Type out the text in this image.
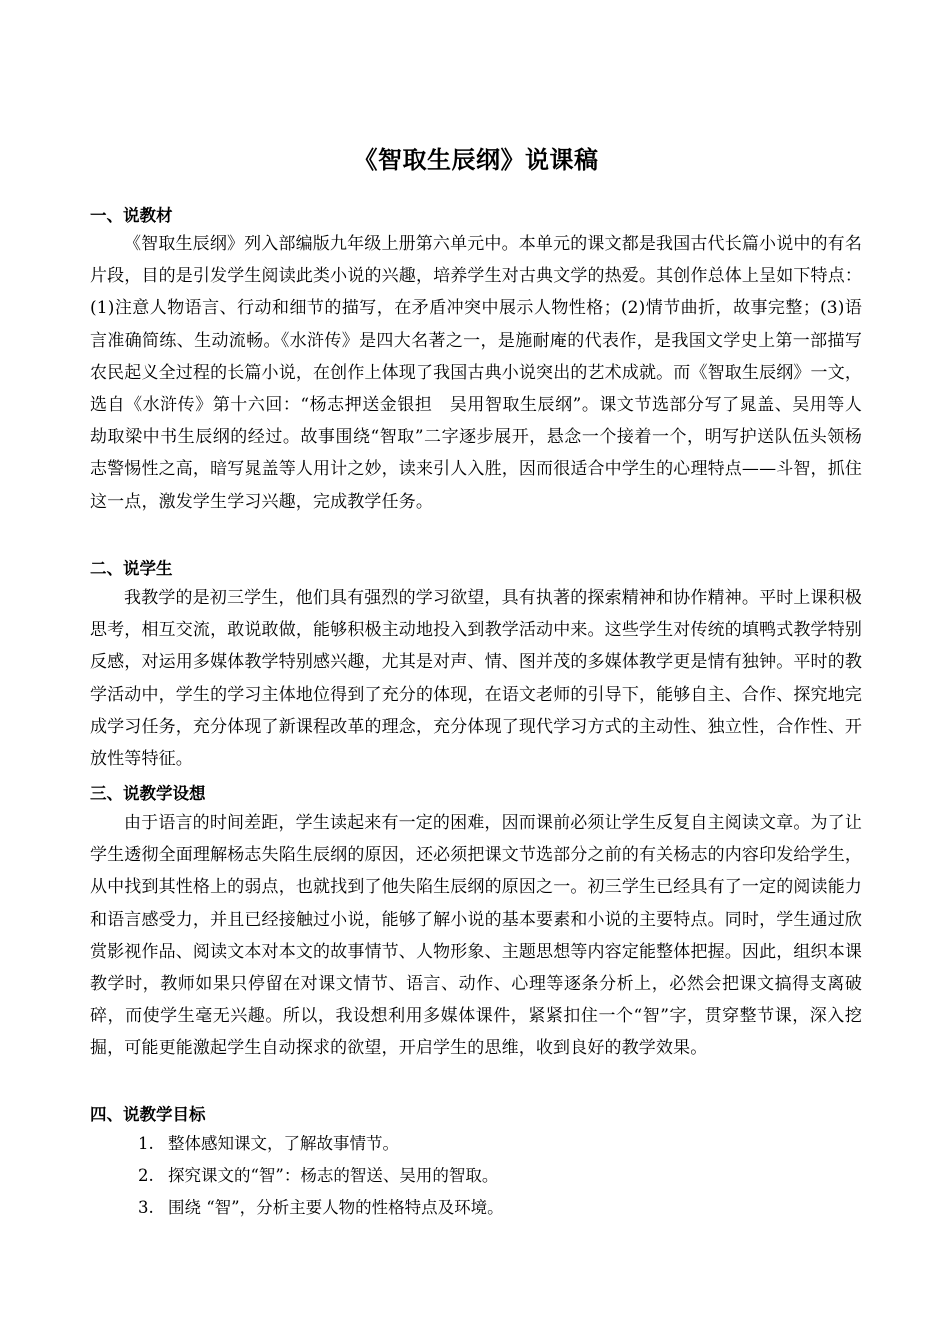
《智取生辰纲》说课稿
一、说教材

《智取生辰纲》列入部编版九年级上册第六单元中。本单元的课文都是我国古代长篇小说中的有名片段，目的是引发学生阅读此类小说的兴趣，培养学生对古典文学的热爱。其创作总体上呈如下特点：(1)注意人物语言、行动和细节的描写，在矛盾冲突中展示人物性格；(2)情节曲折，故事完整；(3)语言准确简练、生动流畅。《水浒传》是四大名著之一，是施耐庵的代表作，是我国文学史上第一部描写农民起义全过程的长篇小说，在创作上体现了我国古典小说突出的艺术成就。而《智取生辰纲》一文，选自《水浒传》第十六回：“杨志押送金银担　吴用智取生辰纲”。课文节选部分写了晁盖、吴用等人劫取梁中书生辰纲的经过。故事围绕“智取”二字逐步展开，悬念一个接着一个，明写护送队伍头领杨志警惕性之高，暗写晁盖等人用计之妙，读来引人入胜，因而很适合中学生的心理特点——斗智，抓住这一点，激发学生学习兴趣，完成教学任务。

二、说学生

我教学的是初三学生，他们具有强烈的学习欲望，具有执著的探索精神和协作精神。平时上课积极思考，相互交流，敢说敢做，能够积极主动地投入到教学活动中来。这些学生对传统的填鸭式教学特别反感，对运用多媒体教学特别感兴趣，尤其是对声、情、图并茂的多媒体教学更是情有独钟。平时的教学活动中，学生的学习主体地位得到了充分的体现，在语文老师的引导下，能够自主、合作、探究地完成学习任务，充分体现了新课程改革的理念，充分体现了现代学习方式的主动性、独立性，合作性、开放性等特征。

三、说教学设想

由于语言的时间差距，学生读起来有一定的困难，因而课前必须让学生反复自主阅读文章。为了让学生透彻全面理解杨志失陷生辰纲的原因，还必须把课文节选部分之前的有关杨志的内容印发给学生，从中找到其性格上的弱点，也就找到了他失陷生辰纲的原因之一。初三学生已经具有了一定的阅读能力和语言感受力，并且已经接触过小说，能够了解小说的基本要素和小说的主要特点。同时，学生通过欣赏影视作品、阅读文本对本文的故事情节、人物形象、主题思想等内容定能整体把握。因此，组织本课教学时，教师如果只停留在对课文情节、语言、动作、心理等逐条分析上，必然会把课文搞得支离破碎，而使学生毫无兴趣。所以，我设想利用多媒体课件，紧紧扣住一个“智”字，贯穿整节课，深入挖掘，可能更能激起学生自动探求的欲望，开启学生的思维，收到良好的教学效果。

四、说教学目标
1. 整体感知课文，了解故事情节。
2. 探究课文的“智”：杨志的智送、吴用的智取。
3. 围绕 “智”，分析主要人物的性格特点及环境。
